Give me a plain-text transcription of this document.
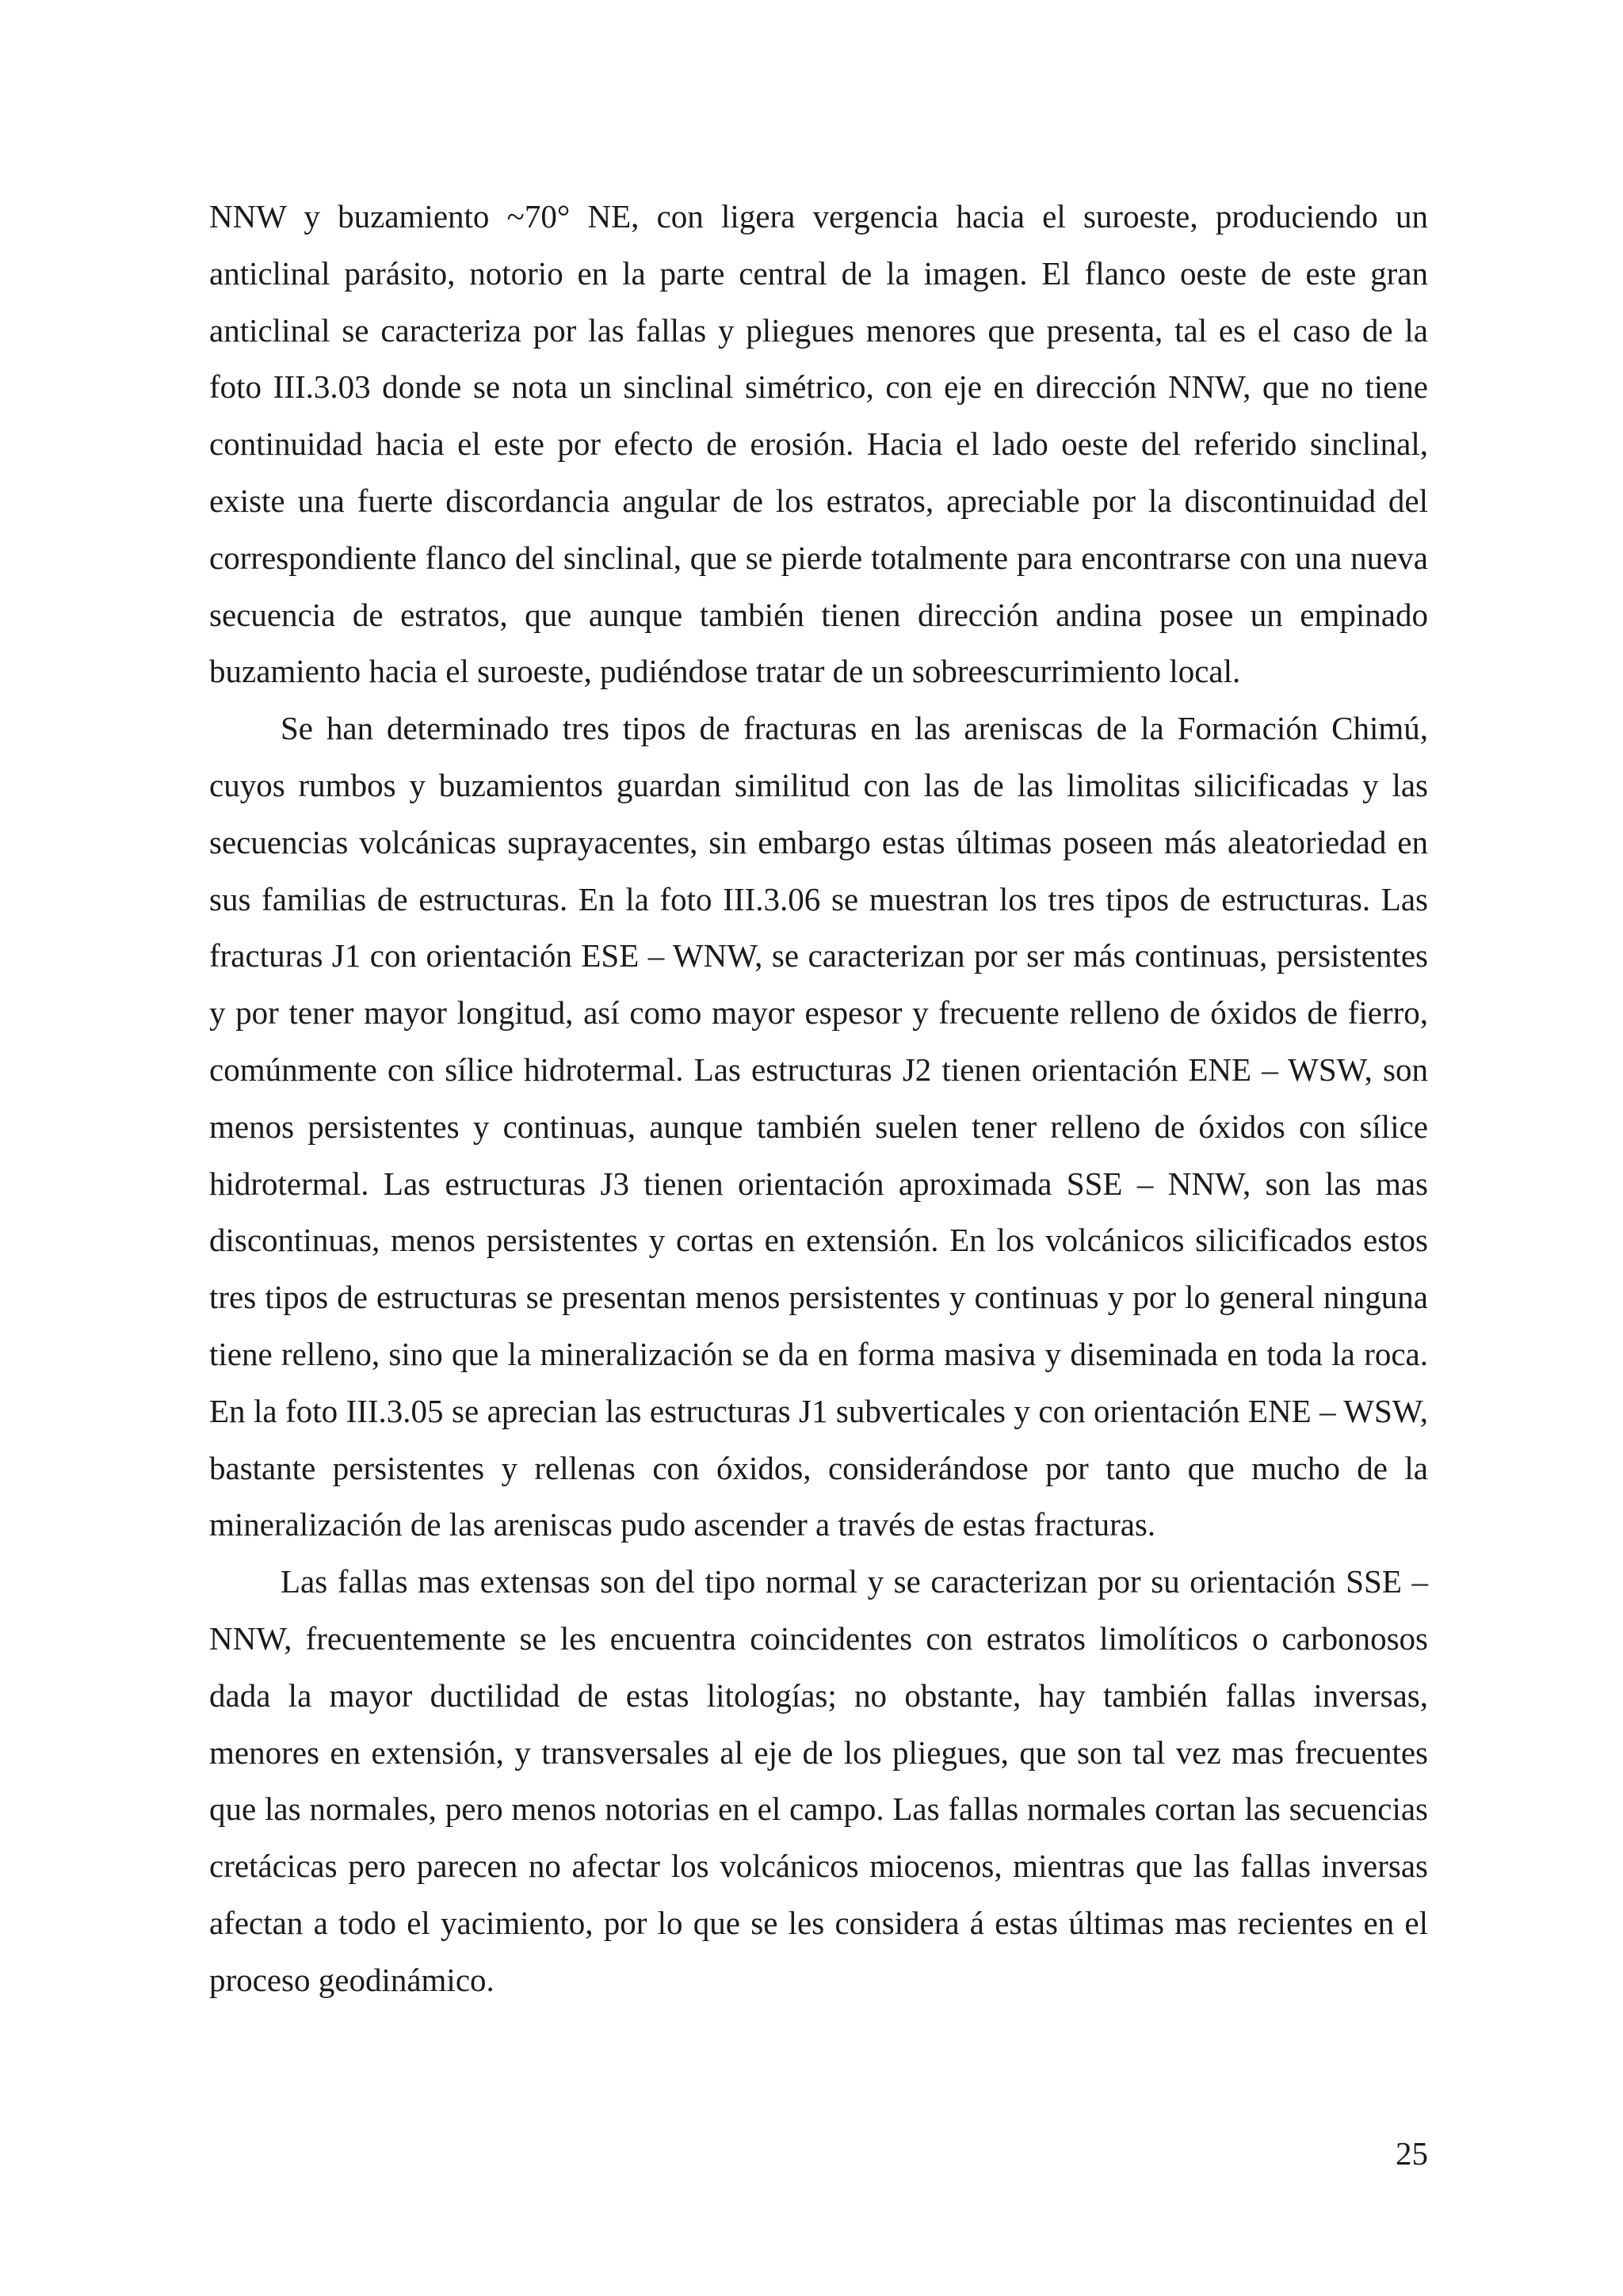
NNW y buzamiento ~70° NE, con ligera vergencia hacia el suroeste, produciendo un anticlinal parásito, notorio en la parte central de la imagen. El flanco oeste de este gran anticlinal se caracteriza por las fallas y pliegues menores que presenta, tal es el caso de la foto III.3.03 donde se nota un sinclinal simétrico, con eje en dirección NNW, que no tiene continuidad hacia el este por efecto de erosión. Hacia el lado oeste del referido sinclinal, existe una fuerte discordancia angular de los estratos, apreciable por la discontinuidad del correspondiente flanco del sinclinal, que se pierde totalmente para encontrarse con una nueva secuencia de estratos, que aunque también tienen dirección andina posee un empinado buzamiento hacia el suroeste, pudiéndose tratar de un sobreescurrimiento local.

Se han determinado tres tipos de fracturas en las areniscas de la Formación Chimú, cuyos rumbos y buzamientos guardan similitud con las de las limolitas silicificadas y las secuencias volcánicas suprayacentes, sin embargo estas últimas poseen más aleatoriedad en sus familias de estructuras. En la foto III.3.06 se muestran los tres tipos de estructuras. Las fracturas J1 con orientación ESE – WNW, se caracterizan por ser más continuas, persistentes y por tener mayor longitud, así como mayor espesor y frecuente relleno de óxidos de fierro, comúnmente con sílice hidrotermal. Las estructuras J2 tienen orientación ENE – WSW, son menos persistentes y continuas, aunque también suelen tener relleno de óxidos con sílice hidrotermal. Las estructuras J3 tienen orientación aproximada SSE – NNW, son las mas discontinuas, menos persistentes y cortas en extensión. En los volcánicos silicificados estos tres tipos de estructuras se presentan menos persistentes y continuas y por lo general ninguna tiene relleno, sino que la mineralización se da en forma masiva y diseminada en toda la roca. En la foto III.3.05 se aprecian las estructuras J1 subverticales y con orientación ENE – WSW, bastante persistentes y rellenas con óxidos, considerándose por tanto que mucho de la mineralización de las areniscas pudo ascender a través de estas fracturas.

Las fallas mas extensas son del tipo normal y se caracterizan por su orientación SSE – NNW, frecuentemente se les encuentra coincidentes con estratos limolíticos o carbonosos dada la mayor ductilidad de estas litologías; no obstante, hay también fallas inversas, menores en extensión, y transversales al eje de los pliegues, que son tal vez mas frecuentes que las normales, pero menos notorias en el campo. Las fallas normales cortan las secuencias cretácicas pero parecen no afectar los volcánicos miocenos, mientras que las fallas inversas afectan a todo el yacimiento, por lo que se les considera á estas últimas mas recientes en el proceso geodinámico.

25
